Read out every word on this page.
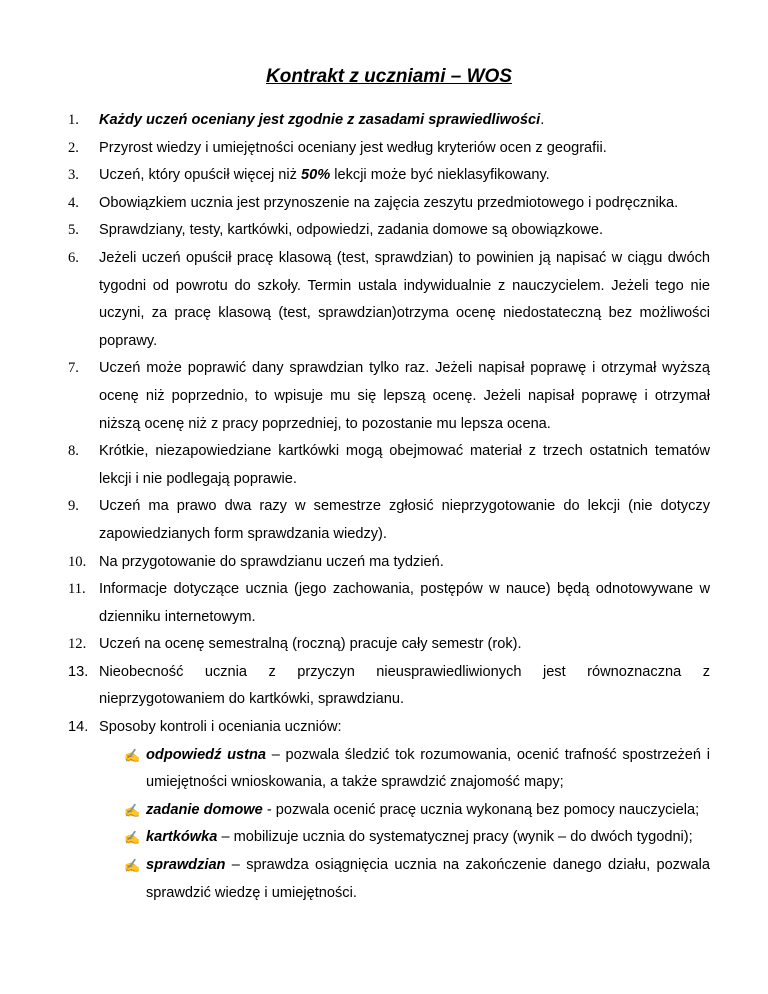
Kontrakt z uczniami – WOS
1. Każdy uczeń oceniany jest zgodnie z zasadami sprawiedliwości.
2. Przyrost wiedzy i umiejętności oceniany jest według kryteriów ocen z geografii.
3. Uczeń, który opuścił więcej niż 50% lekcji może być nieklasyfikowany.
4. Obowiązkiem ucznia jest przynoszenie na zajęcia zeszytu przedmiotowego i podręcznika.
5. Sprawdziany, testy, kartkówki, odpowiedzi, zadania domowe są obowiązkowe.
6. Jeżeli uczeń opuścił pracę klasową (test, sprawdzian) to powinien ją napisać w ciągu dwóch tygodni od powrotu do szkoły. Termin ustala indywidualnie z nauczycielem. Jeżeli tego nie uczyni, za pracę klasową (test, sprawdzian)otrzyma ocenę niedostateczną bez możliwości poprawy.
7. Uczeń może poprawić dany sprawdzian tylko raz. Jeżeli napisał poprawę i otrzymał wyższą ocenę niż poprzednio, to wpisuje mu się lepszą ocenę. Jeżeli napisał poprawę i otrzymał niższą ocenę niż z pracy poprzedniej, to pozostanie mu lepsza ocena.
8. Krótkie, niezapowiedziane kartkówki mogą obejmować materiał z trzech ostatnich tematów lekcji i nie podlegają poprawie.
9. Uczeń ma prawo dwa razy w semestrze zgłosić nieprzygotowanie do lekcji (nie dotyczy zapowiedzianych form sprawdzania wiedzy).
10. Na przygotowanie do sprawdzianu uczeń ma tydzień.
11. Informacje dotyczące ucznia (jego zachowania, postępów w nauce) będą odnotowywane w dzienniku internetowym.
12. Uczeń na ocenę semestralną (roczną) pracuje cały semestr (rok).
13. Nieobecność ucznia z przyczyn nieusprawiedliwionych jest równoznaczna z nieprzygotowaniem do kartkówki, sprawdzianu.
14. Sposoby kontroli i oceniania uczniów:
✍ odpowiedź ustna – pozwala śledzić tok rozumowania, ocenić trafność spostrzeżeń i umiejętności wnioskowania, a także sprawdzić znajomość mapy;
✍ zadanie domowe - pozwala ocenić pracę ucznia wykonaną bez pomocy nauczyciela;
✍ kartkówka – mobilizuje ucznia do systematycznej pracy (wynik – do dwóch tygodni);
✍ sprawdzian – sprawdza osiągnięcia ucznia na zakończenie danego działu, pozwala sprawdzić wiedzę i umiejętności.
